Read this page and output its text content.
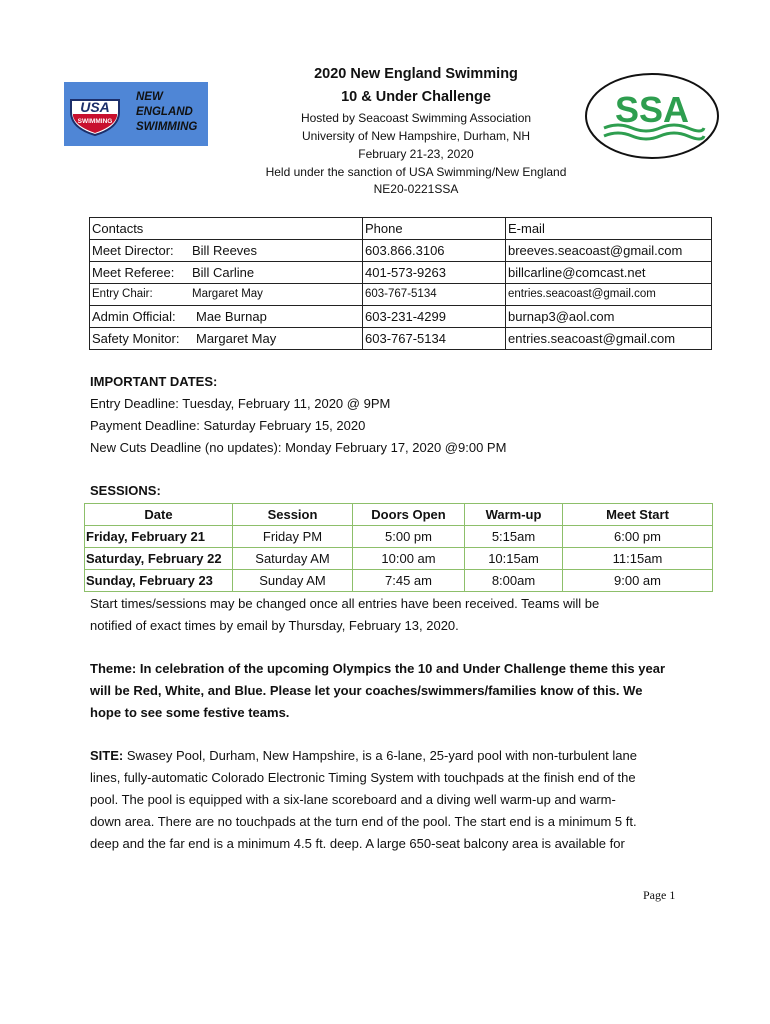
USA
SWIMMING
NEW
ENGLAND
SWIMMING	SSA
2020 New England Swimming
10 & Under Challenge
Hosted by Seacoast Swimming Association
University of New Hampshire, Durham, NH
February 21-23, 2020
Held under the sanction of USA Swimming/New England
NE20-0221SSA
Contacts	Phone	E-mail
Meet Director: Bill Reeves	603.866.3106	breeves.seacoast@gmail.com
Meet Referee: Bill Carline	401-573-9263	billcarline@comcast.net
Entry Chair: Margaret May	603-767-5134	entries.seacoast@gmail.com
Admin Official: Mae Burnap	603-231-4299	burnap3@aol.com
Safety Monitor: Margaret May	603-767-5134	entries.seacoast@gmail.com
IMPORTANT DATES:
Entry Deadline: Tuesday, February 11, 2020 @ 9PM
Payment Deadline: Saturday February 15, 2020
New Cuts Deadline (no updates): Monday February 17, 2020 @9:00 PM
SESSIONS:
Date	Session	Doors Open	Warm-up	Meet Start
Friday, February 21	Friday PM	5:00 pm	5:15am	6:00 pm
Saturday, February 22	Saturday AM	10:00 am	10:15am	11:15am
Sunday, February 23	Sunday AM	7:45 am	8:00am	9:00 am
Start times/sessions may be changed once all entries have been received. Teams will be
notified of exact times by email by Thursday, February 13, 2020.
Theme: In celebration of the upcoming Olympics the 10 and Under Challenge theme this year
will be Red, White, and Blue. Please let your coaches/swimmers/families know of this. We
hope to see some festive teams.
SITE: Swasey Pool, Durham, New Hampshire, is a 6-lane, 25-yard pool with non-turbulent lane
lines, fully-automatic Colorado Electronic Timing System with touchpads at the finish end of the
pool. The pool is equipped with a six-lane scoreboard and a diving well warm-up and warm-
down area. There are no touchpads at the turn end of the pool. The start end is a minimum 5 ft.
deep and the far end is a minimum 4.5 ft. deep. A large 650-seat balcony area is available for
Page 1
